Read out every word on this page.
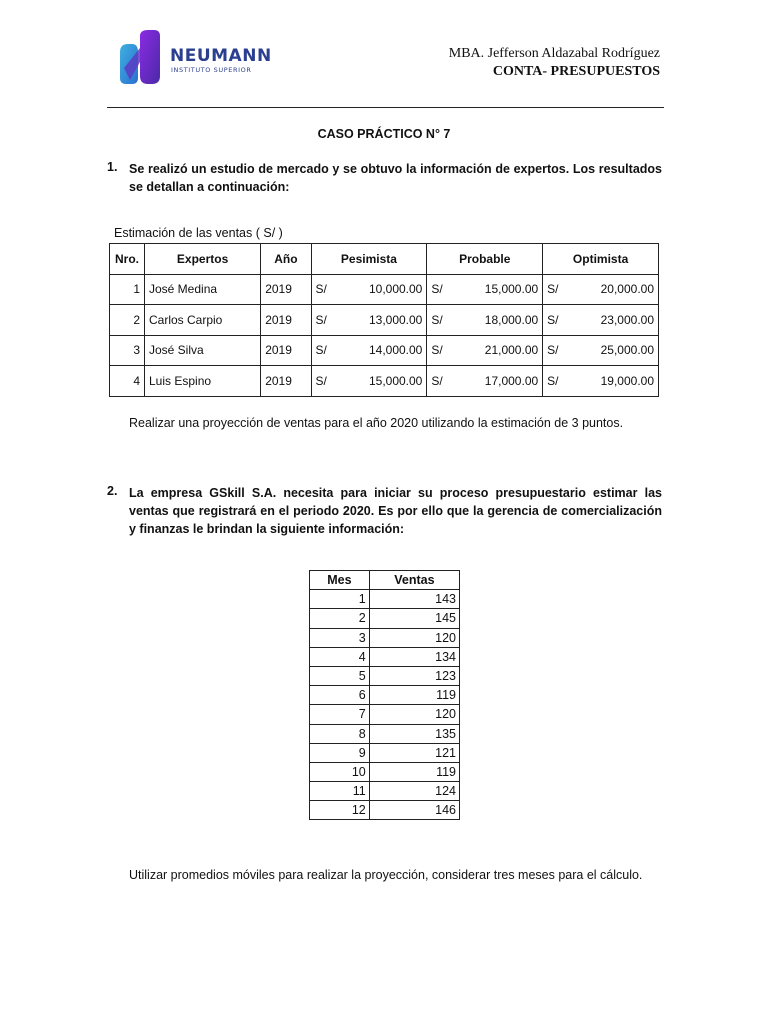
NEUMANN
INSTITUTO SUPERIOR
MBA. Jefferson Aldazabal Rodríguez
CONTA- PRESUPUESTOS
CASO PRÁCTICO N° 7
1. Se realizó un estudio de mercado y se obtuvo la información de expertos. Los resultados se detallan a continuación:
Estimación de las ventas ( S/ )
Nro.	Expertos	Año	Pesimista		Probable		Optimista	
1	José Medina	2019	S/	10,000.00	S/	15,000.00	S/	20,000.00
2	Carlos Carpio	2019	S/	13,000.00	S/	18,000.00	S/	23,000.00
3	José Silva	2019	S/	14,000.00	S/	21,000.00	S/	25,000.00
4	Luis Espino	2019	S/	15,000.00	S/	17,000.00	S/	19,000.00
Realizar una proyección de ventas para el año 2020 utilizando la estimación de 3 puntos.
2. La empresa GSkill S.A. necesita para iniciar su proceso presupuestario estimar las ventas que registrará en el periodo 2020. Es por ello que la gerencia de comercialización y finanzas le brindan la siguiente información:
Mes	Ventas
1	143
2	145
3	120
4	134
5	123
6	119
7	120
8	135
9	121
10	119
11	124
12	146
Utilizar promedios móviles para realizar la proyección, considerar tres meses para el cálculo.
